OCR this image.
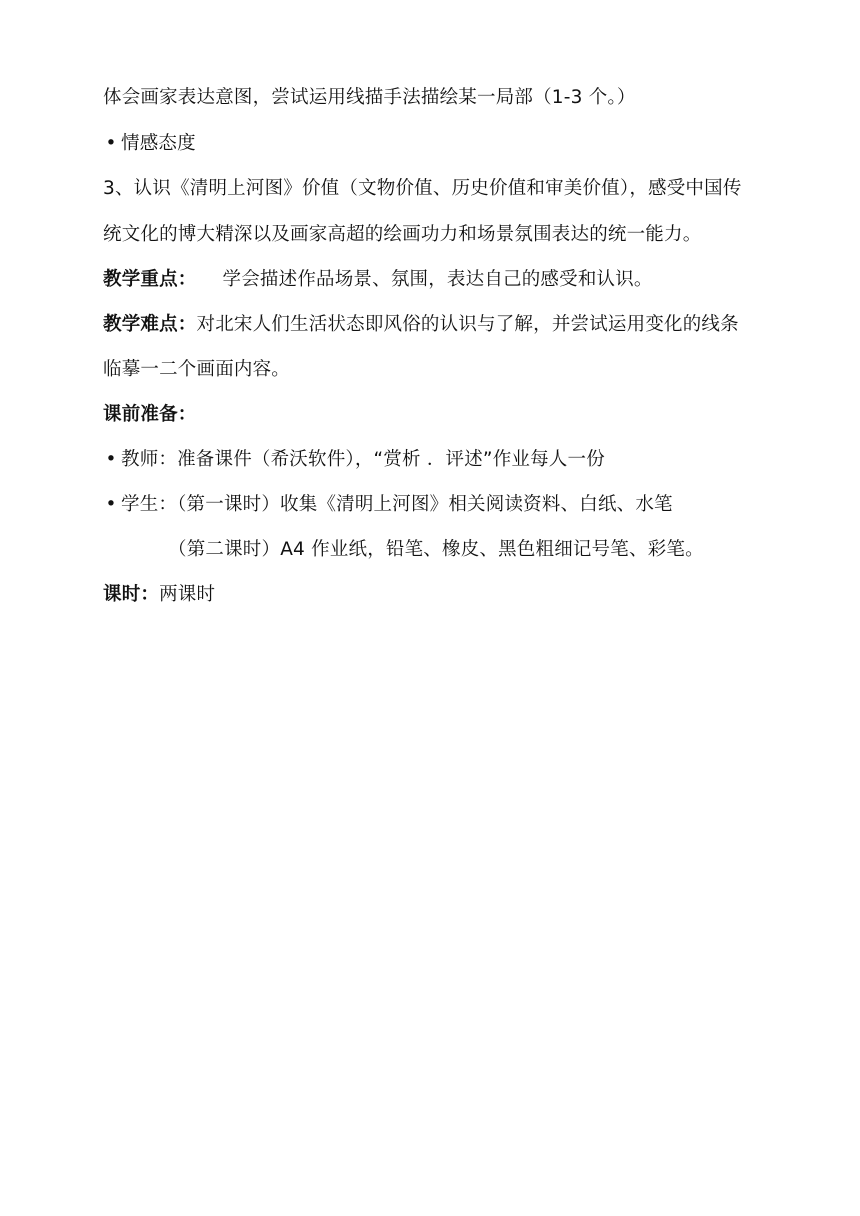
体会画家表达意图，尝试运用线描手法描绘某一局部（1-3 个。）
• 情感态度
3、认识《清明上河图》价值（文物价值、历史价值和审美价值），感受中国传
统文化的博大精深以及画家高超的绘画功力和场景氛围表达的统一能力。
教学重点： 学会描述作品场景、氛围，表达自己的感受和认识。
教学难点：对北宋人们生活状态即风俗的认识与了解，并尝试运用变化的线条
临摹一二个画面内容。
课前准备：
• 教师：准备课件（希沃软件），“赏析 ．评述”作业每人一份
• 学生：（第一课时）收集《清明上河图》相关阅读资料、白纸、水笔
（第二课时）A4 作业纸，铅笔、橡皮、黑色粗细记号笔、彩笔。
课时：两课时
